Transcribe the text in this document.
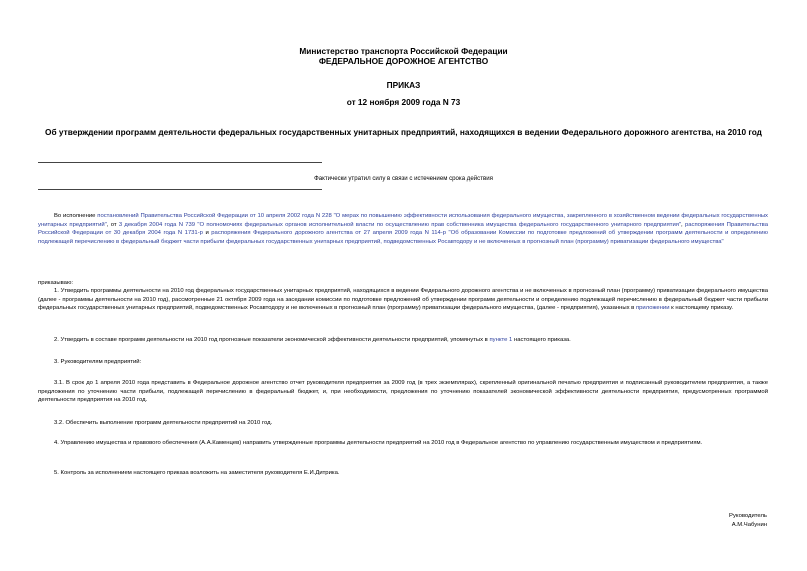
Министерство транспорта Российской Федерации
ФЕДЕРАЛЬНОЕ ДОРОЖНОЕ АГЕНТСТВО
ПРИКАЗ
от 12 ноября 2009 года N 73
Об утверждении программ деятельности федеральных государственных унитарных предприятий, находящихся в ведении Федерального дорожного агентства, на 2010 год
Фактически утратил силу в связи с истечением срока действия
Во исполнение постановлений Правительства Российской Федерации от 10 апреля 2002 года N 228 "О мерах по повышению эффективности использования федерального имущества, закрепленного в хозяйственном ведении федеральных государственных унитарных предприятий", от 3 декабря 2004 года N 739 "О полномочиях федеральных органов исполнительной власти по осуществлению прав собственника имущества федерального государственного унитарного предприятия", распоряжения Правительства Российской Федерации от 30 декабря 2004 года N 1731-р и распоряжения Федерального дорожного агентства от 27 апреля 2009 года N 114-р "Об образовании Комиссии по подготовке предложений об утверждении программ деятельности и определению подлежащей перечислению в федеральный бюджет части прибыли федеральных государственных унитарных предприятий, подведомственных Росавтодору и не включенных в прогнозный план (программу) приватизации федерального имущества"
приказываю:
1. Утвердить программы деятельности на 2010 год федеральных государственных унитарных предприятий, находящихся в ведении Федерального дорожного агентства и не включенных в прогнозный план (программу) приватизации федерального имущества (далее - программы деятельности на 2010 год), рассмотренные 21 октября 2009 года на заседании комиссии по подготовке предложений об утверждении программ деятельности и определению подлежащей перечислению в федеральный бюджет части прибыли федеральных государственных унитарных предприятий, подведомственных Росавтодору и не включенных в прогнозный план (программу) приватизации федерального имущества, (далее - предприятия), указанных в приложении к настоящему приказу.
2. Утвердить в составе программ деятельности на 2010 год прогнозные показатели экономической эффективности деятельности предприятий, упомянутых в пункте 1 настоящего приказа.
3. Руководителям предприятий:
3.1. В срок до 1 апреля 2010 года представить в Федеральное дорожное агентство отчет руководителя предприятия за 2009 год (в трех экземплярах), скрепленный оригинальной печатью предприятия и подписанный руководителем предприятия, а также предложения по уточнению части прибыли, подлежащей перечислению в федеральный бюджет, и, при необходимости, предложения по уточнению показателей экономической эффективности деятельности предприятия, предусмотренных программой деятельности предприятия на 2010 год.
3.2. Обеспечить выполнение программ деятельности предприятий на 2010 год.
4. Управлению имущества и правового обеспечения (А.А.Каменцев) направить утвержденные программы деятельности предприятий на 2010 год в Федеральное агентство по управлению государственным имуществом и предприятиям.
5. Контроль за исполнением настоящего приказа возложить на заместителя руководителя Е.И.Дитрика.
Руководитель
А.М.Чабунин
